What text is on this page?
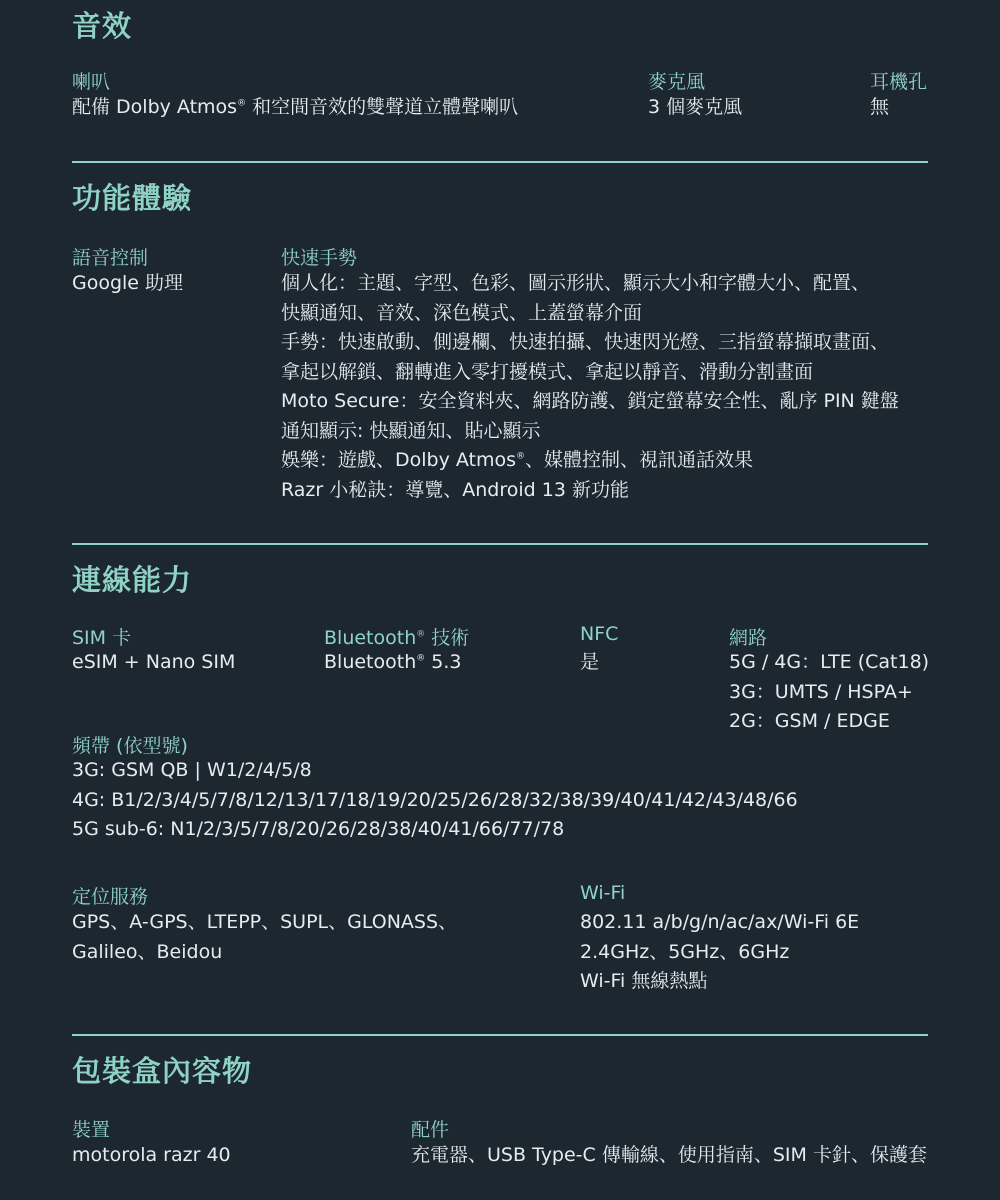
音效
喇叭
配備 Dolby Atmos® 和空間音效的雙聲道立體聲喇叭
麥克風
3 個麥克風
耳機孔
無
功能體驗
語音控制
Google 助理
快速手勢
個人化：主題、字型、色彩、圖示形狀、顯示大小和字體大小、配置、
快顯通知、音效、深色模式、上蓋螢幕介面
手勢：快速啟動、側邊欄、快速拍攝、快速閃光燈、三指螢幕擷取畫面、
拿起以解鎖、翻轉進入零打擾模式、拿起以靜音、滑動分割畫面
Moto Secure：安全資料夾、網路防護、鎖定螢幕安全性、亂序 PIN 鍵盤
通知顯示: 快顯通知、貼心顯示
娛樂：遊戲、Dolby Atmos®、媒體控制、視訊通話效果
Razr 小秘訣：導覽、Android 13 新功能
連線能力
SIM 卡
eSIM + Nano SIM
Bluetooth® 技術
Bluetooth® 5.3
NFC
是
網路
5G / 4G：LTE (Cat18)
3G：UMTS / HSPA+
2G：GSM / EDGE
頻帶 (依型號)
3G: GSM QB | W1/2/4/5/8
4G: B1/2/3/4/5/7/8/12/13/17/18/19/20/25/26/28/32/38/39/40/41/42/43/48/66
5G sub-6: N1/2/3/5/7/8/20/26/28/38/40/41/66/77/78
定位服務
GPS、A-GPS、LTEPP、SUPL、GLONASS、
Galileo、Beidou
Wi-Fi
802.11 a/b/g/n/ac/ax/Wi-Fi 6E
2.4GHz、5GHz、6GHz
Wi-Fi 無線熱點
包裝盒內容物
裝置
motorola razr 40
配件
充電器、USB Type-C 傳輸線、使用指南、SIM 卡針、保護套
